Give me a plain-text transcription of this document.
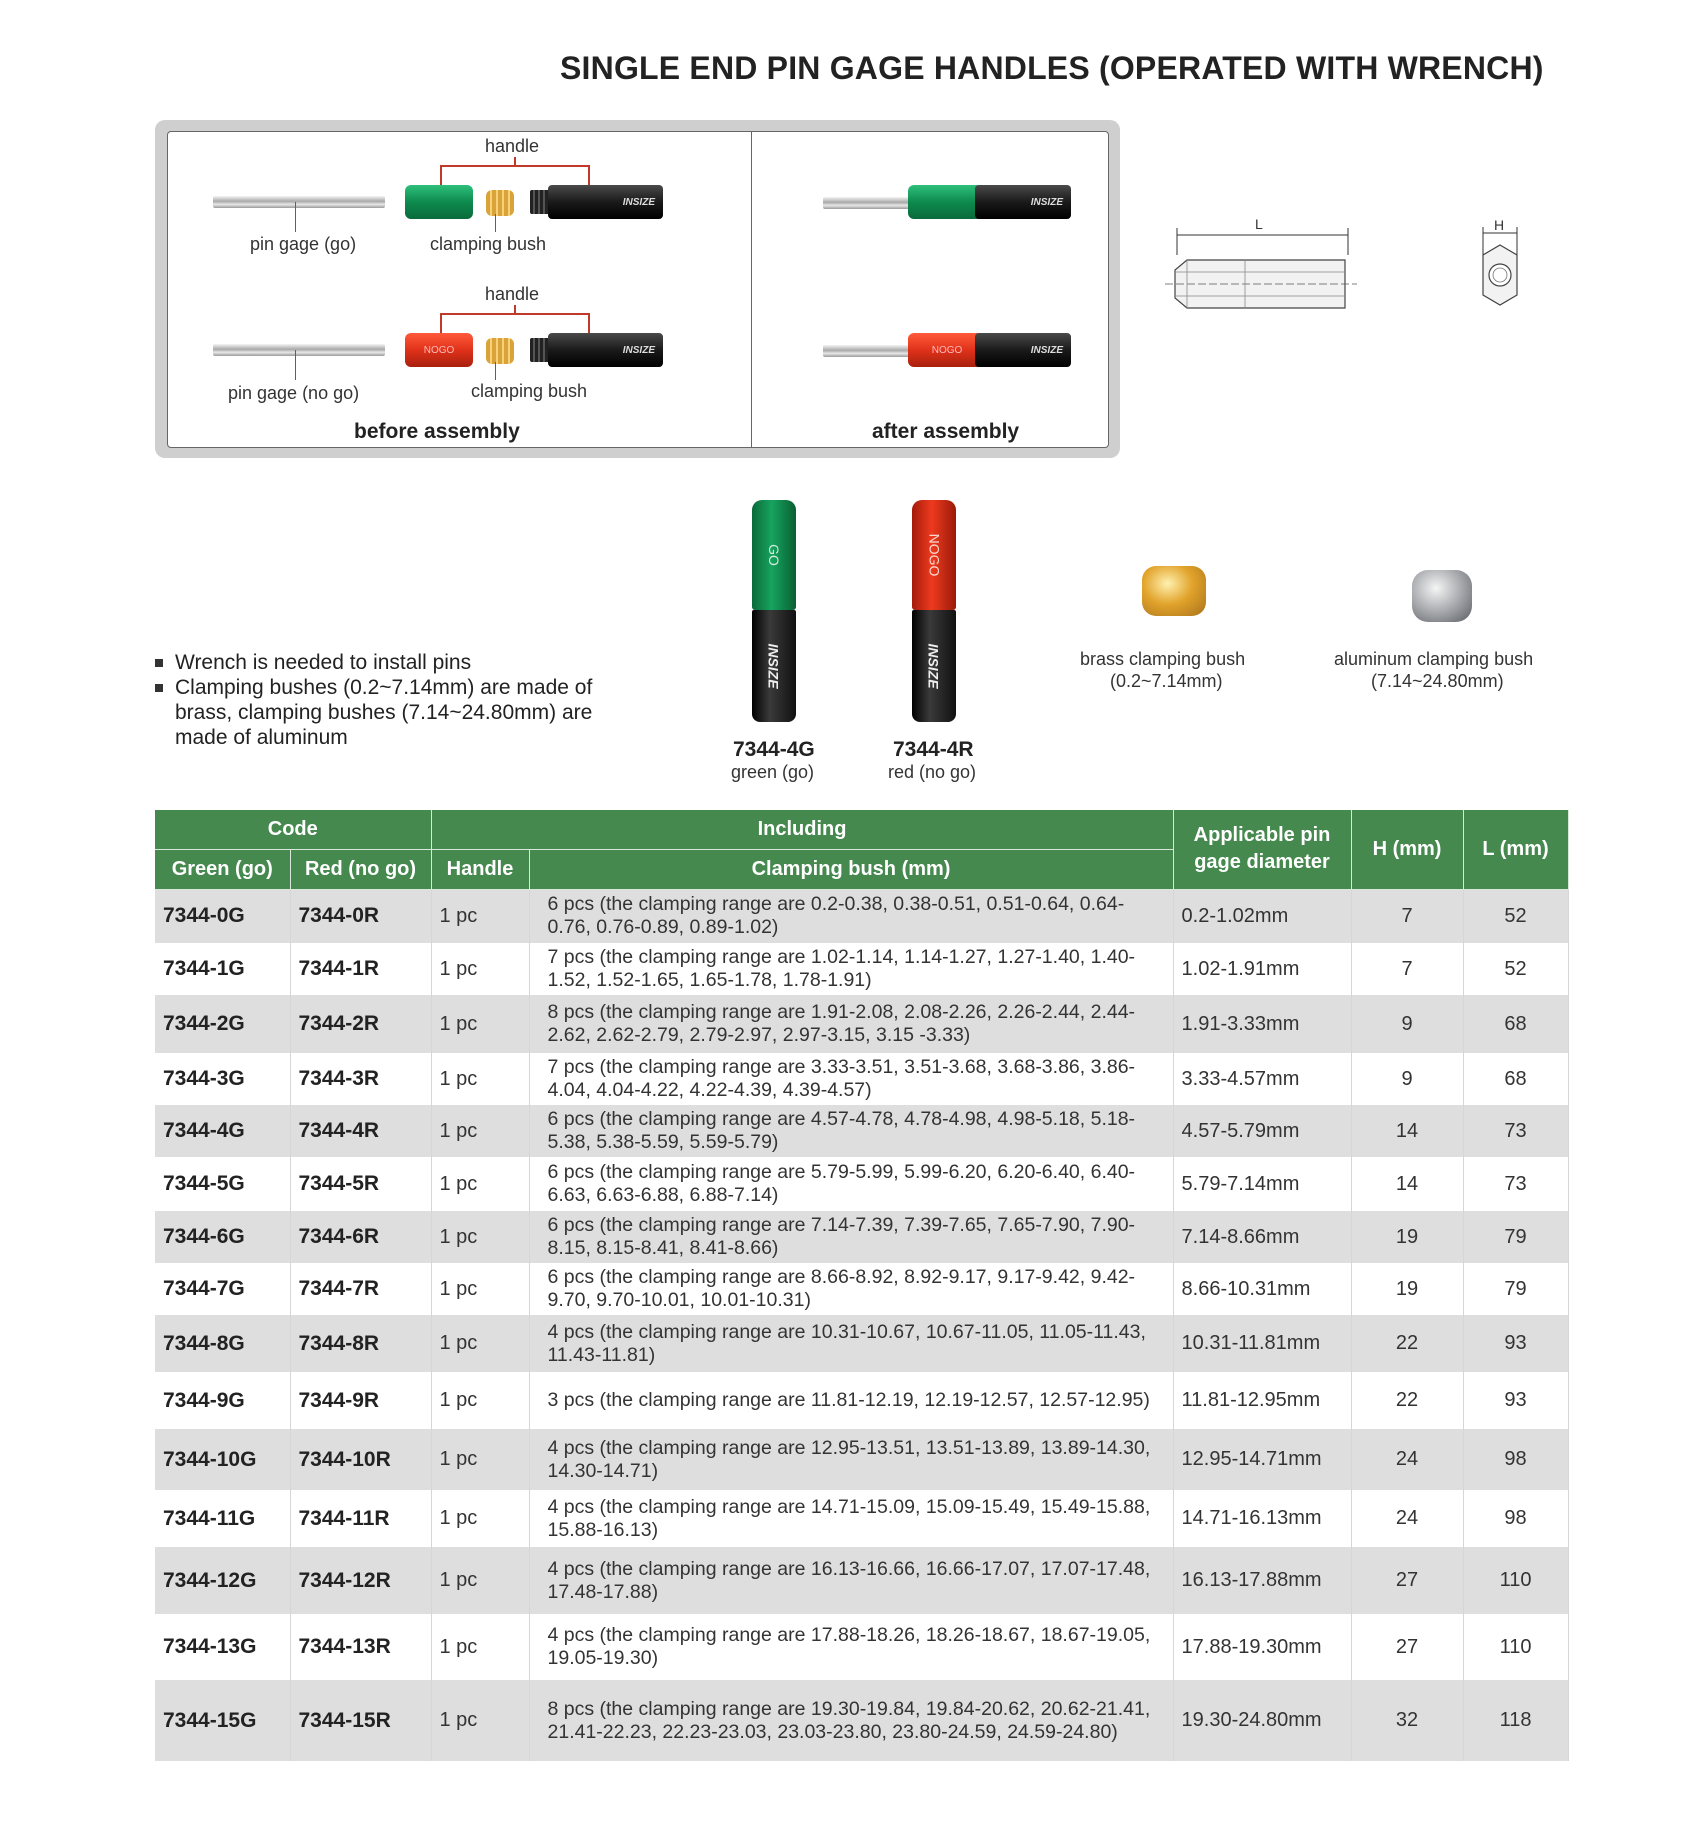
SINGLE END PIN GAGE HANDLES (OPERATED WITH WRENCH)
handle
INSIZE
pin gage (go)	clamping bush
handle
NOGO	INSIZE
pin gage (no go)	clamping bush
before assembly
INSIZE
NOGO	INSIZE
after assembly
L	H
GO
INSIZE
NOGO
INSIZE
7344-4G
green (go)
7344-4R
red (no go)
brass clamping bush
(0.2~7.14mm)
aluminum clamping bush
(7.14~24.80mm)
Wrench is needed to install pins
Clamping bushes (0.2~7.14mm) are made of brass, clamping bushes (7.14~24.80mm) are made of aluminum
Code		Including		Applicable pin gage diameter	H (mm)	L (mm)
Green (go)	Red (no go)	Handle	Clamping bush (mm)			
7344-0G	7344-0R	1 pc	6 pcs (the clamping range are 0.2-0.38, 0.38-0.51, 0.51-0.64, 0.64-0.76, 0.76-0.89, 0.89-1.02)	0.2-1.02mm	7	52
7344-1G	7344-1R	1 pc	7 pcs (the clamping range are 1.02-1.14, 1.14-1.27, 1.27-1.40, 1.40-1.52, 1.52-1.65, 1.65-1.78, 1.78-1.91)	1.02-1.91mm	7	52
7344-2G	7344-2R	1 pc	8 pcs (the clamping range are 1.91-2.08, 2.08-2.26, 2.26-2.44, 2.44-2.62, 2.62-2.79, 2.79-2.97, 2.97-3.15, 3.15 -3.33)	1.91-3.33mm	9	68
7344-3G	7344-3R	1 pc	7 pcs (the clamping range are 3.33-3.51, 3.51-3.68, 3.68-3.86, 3.86-4.04, 4.04-4.22, 4.22-4.39, 4.39-4.57)	3.33-4.57mm	9	68
7344-4G	7344-4R	1 pc	6 pcs (the clamping range are 4.57-4.78, 4.78-4.98, 4.98-5.18, 5.18-5.38, 5.38-5.59, 5.59-5.79)	4.57-5.79mm	14	73
7344-5G	7344-5R	1 pc	6 pcs (the clamping range are 5.79-5.99, 5.99-6.20, 6.20-6.40, 6.40-6.63, 6.63-6.88, 6.88-7.14)	5.79-7.14mm	14	73
7344-6G	7344-6R	1 pc	6 pcs (the clamping range are 7.14-7.39, 7.39-7.65, 7.65-7.90, 7.90-8.15, 8.15-8.41, 8.41-8.66)	7.14-8.66mm	19	79
7344-7G	7344-7R	1 pc	6 pcs (the clamping range are 8.66-8.92, 8.92-9.17, 9.17-9.42, 9.42-9.70, 9.70-10.01, 10.01-10.31)	8.66-10.31mm	19	79
7344-8G	7344-8R	1 pc	4 pcs (the clamping range are 10.31-10.67, 10.67-11.05, 11.05-11.43, 11.43-11.81)	10.31-11.81mm	22	93
7344-9G	7344-9R	1 pc	3 pcs (the clamping range are 11.81-12.19, 12.19-12.57, 12.57-12.95)	11.81-12.95mm	22	93
7344-10G	7344-10R	1 pc	4 pcs (the clamping range are 12.95-13.51, 13.51-13.89, 13.89-14.30, 14.30-14.71)	12.95-14.71mm	24	98
7344-11G	7344-11R	1 pc	4 pcs (the clamping range are 14.71-15.09, 15.09-15.49, 15.49-15.88, 15.88-16.13)	14.71-16.13mm	24	98
7344-12G	7344-12R	1 pc	4 pcs (the clamping range are 16.13-16.66, 16.66-17.07, 17.07-17.48, 17.48-17.88)	16.13-17.88mm	27	110
7344-13G	7344-13R	1 pc	4 pcs (the clamping range are 17.88-18.26, 18.26-18.67, 18.67-19.05, 19.05-19.30)	17.88-19.30mm	27	110
7344-15G	7344-15R	1 pc	8 pcs (the clamping range are 19.30-19.84, 19.84-20.62, 20.62-21.41, 21.41-22.23, 22.23-23.03, 23.03-23.80, 23.80-24.59, 24.59-24.80)	19.30-24.80mm	32	118
